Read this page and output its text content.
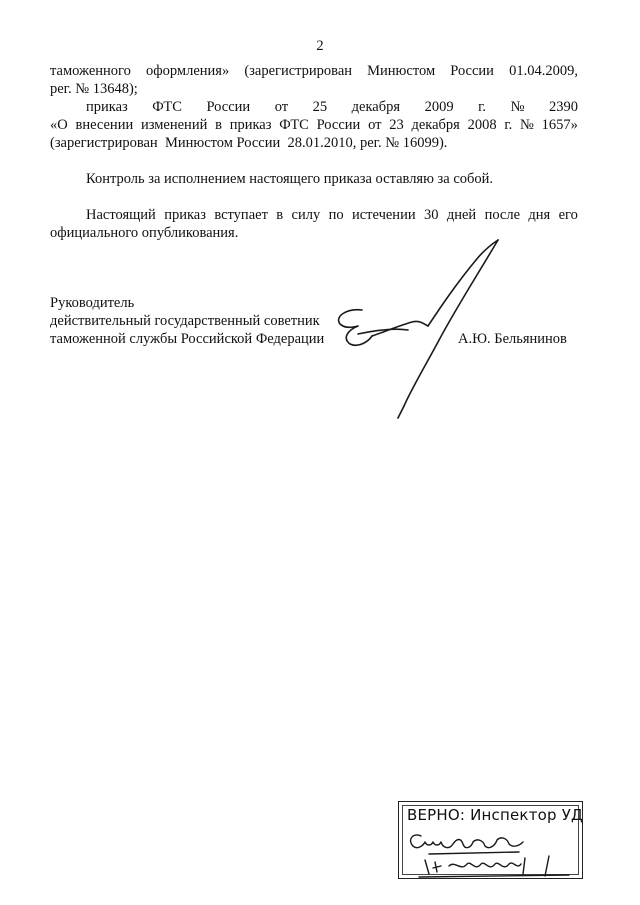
2
таможенного оформления» (зарегистрирован Минюстом России 01.04.2009,
рег. № 13648);
приказ ФТС России от 25 декабря 2009 г. № 2390
«О внесении изменений в приказ ФТС России от 23 декабря 2008 г. № 1657»
(зарегистрирован  Минюстом России  28.01.2010, рег. № 16099).
Контроль за исполнением настоящего приказа оставляю за собой.
Настоящий приказ вступает в силу по истечении 30 дней после дня его
официального опубликования.
Руководитель
действительный государственный советник
таможенной службы Российской Федерации	А.Ю. Бельянинов
ВЕРНО: Инспектор УД
